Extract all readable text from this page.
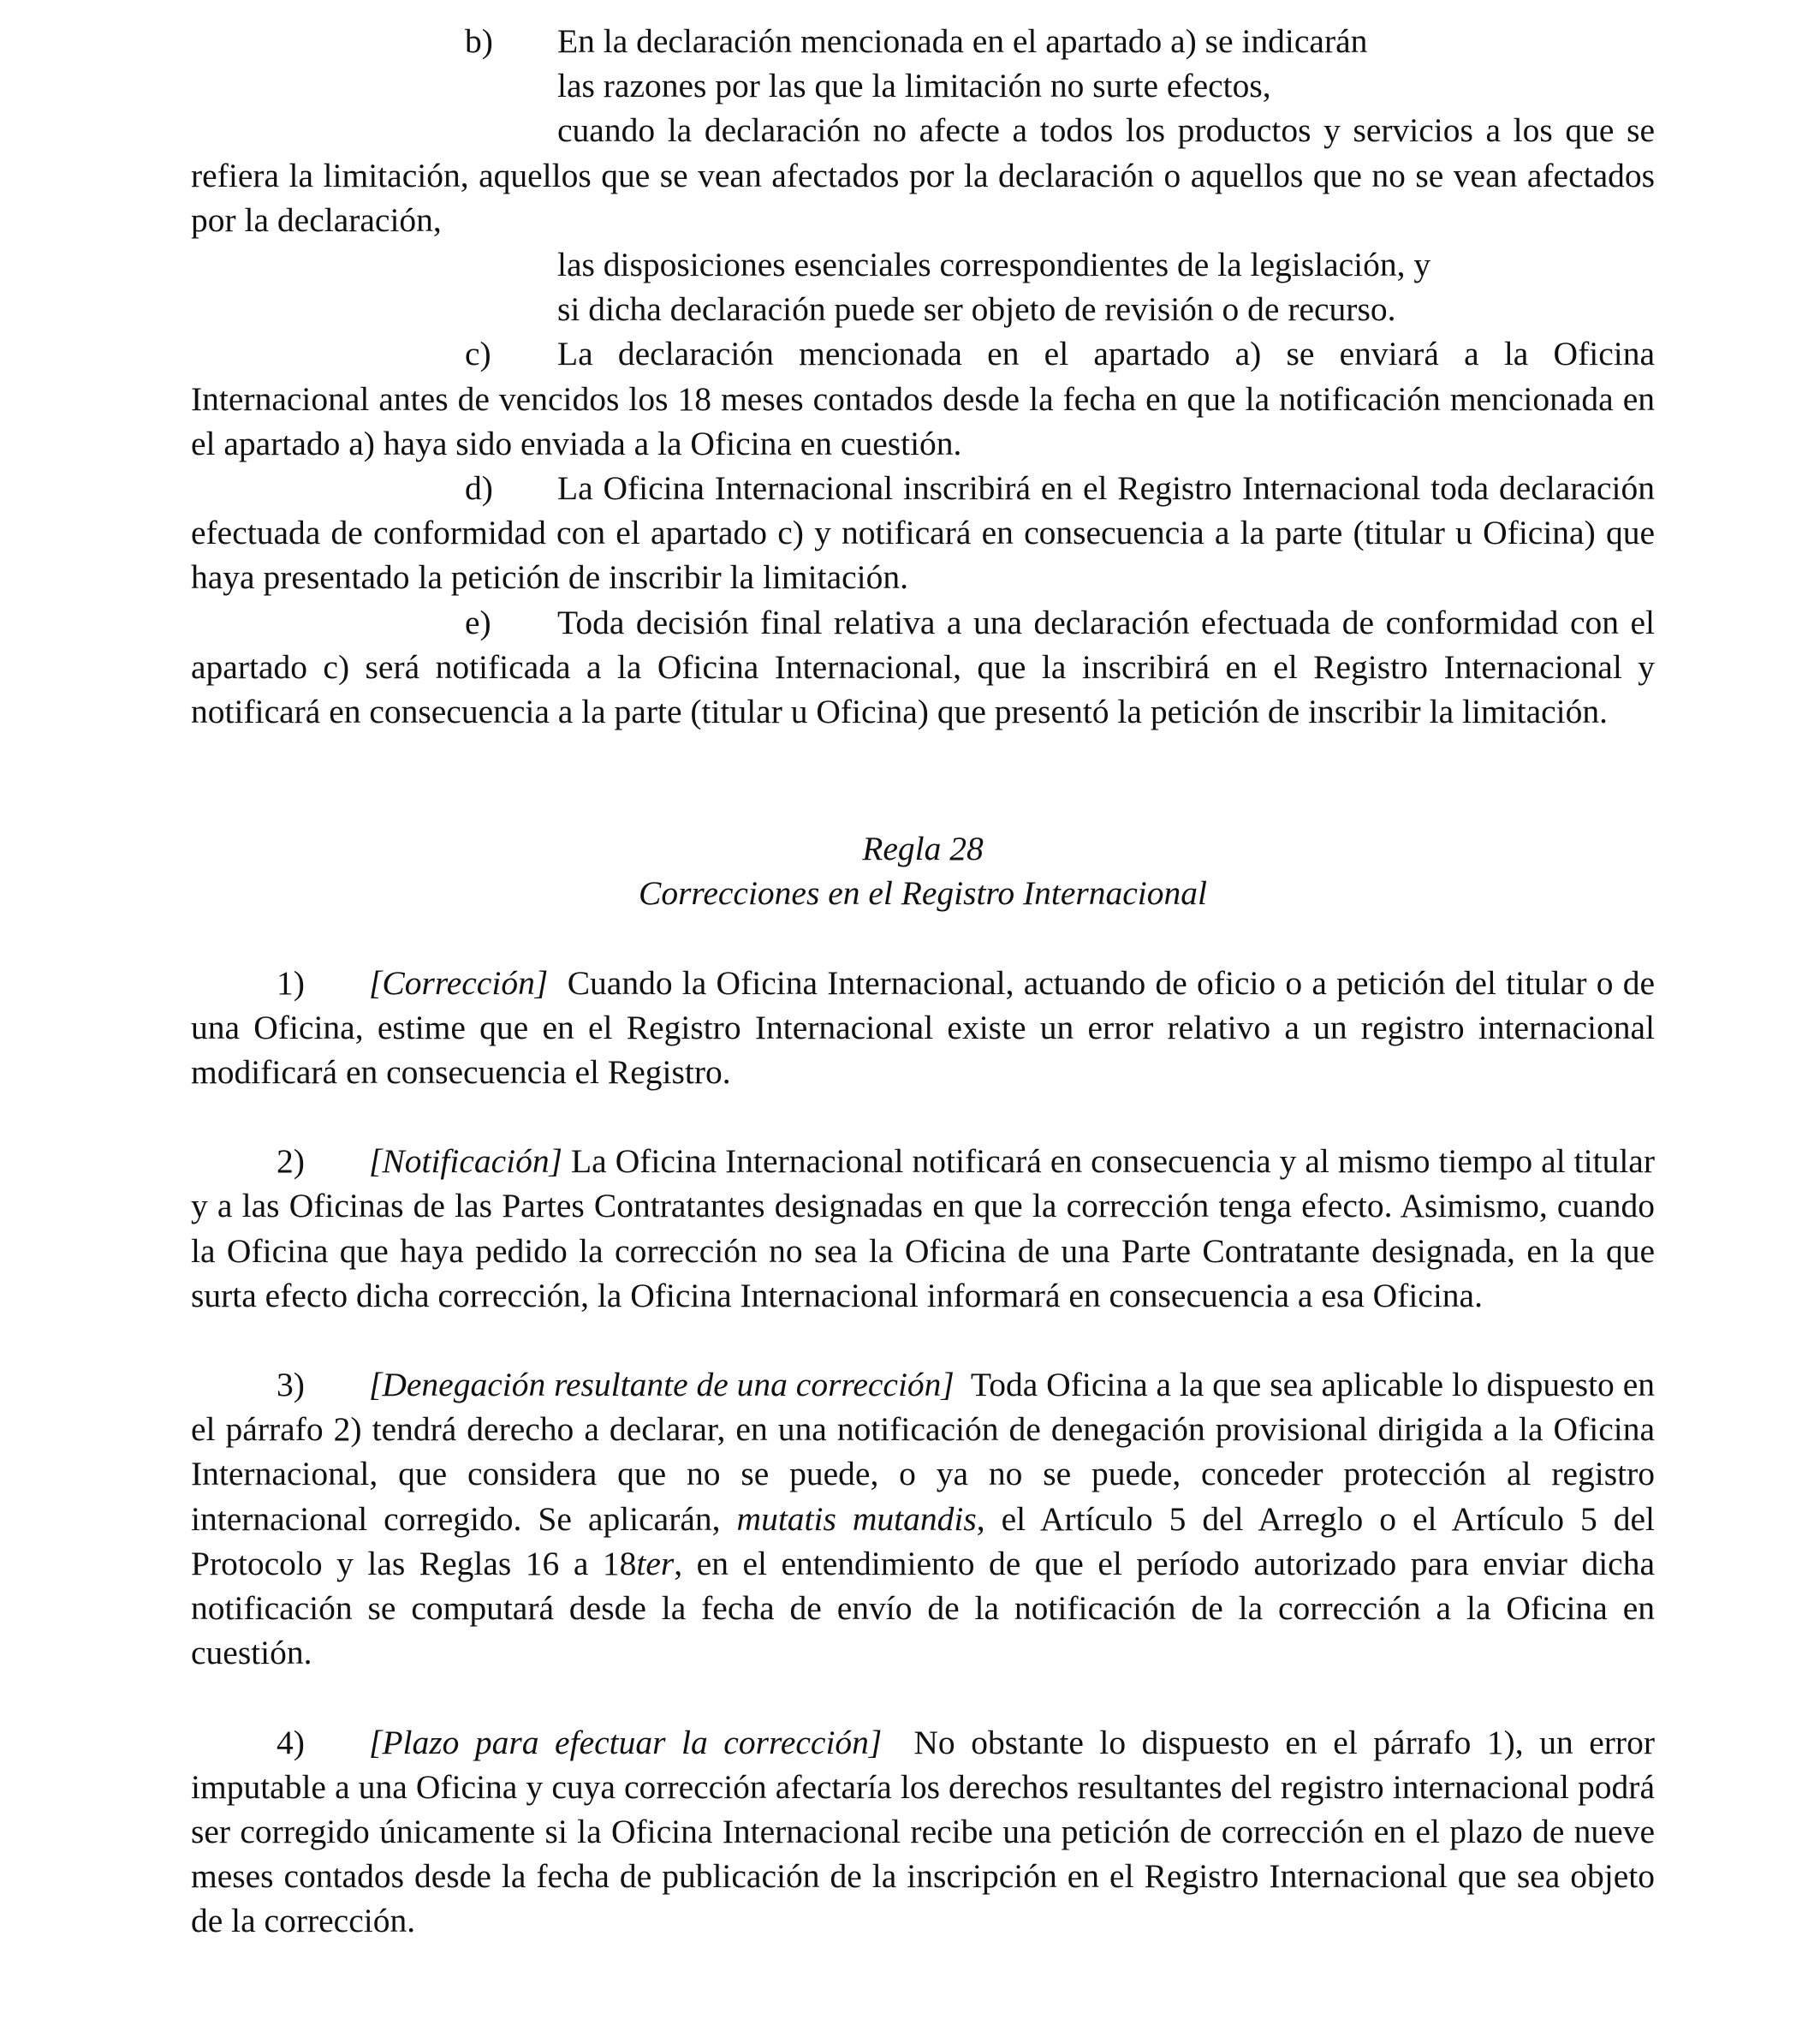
b) En la declaración mencionada en el apartado a) se indicarán

las razones por las que la limitación no surte efectos,

cuando la declaración no afecte a todos los productos y servicios a los que se refiera la limitación, aquellos que se vean afectados por la declaración o aquellos que no se vean afectados por la declaración,

las disposiciones esenciales correspondientes de la legislación, y

si dicha declaración puede ser objeto de revisión o de recurso.

c) La declaración mencionada en el apartado a) se enviará a la Oficina Internacional antes de vencidos los 18 meses contados desde la fecha en que la notificación mencionada en el apartado a) haya sido enviada a la Oficina en cuestión.

d) La Oficina Internacional inscribirá en el Registro Internacional toda declaración efectuada de conformidad con el apartado c) y notificará en consecuencia a la parte (titular u Oficina) que haya presentado la petición de inscribir la limitación.

e) Toda decisión final relativa a una declaración efectuada de conformidad con el apartado c) será notificada a la Oficina Internacional, que la inscribirá en el Registro Internacional y notificará en consecuencia a la parte (titular u Oficina) que presentó la petición de inscribir la limitación.

Regla 28

Correcciones en el Registro Internacional

1) [Corrección] Cuando la Oficina Internacional, actuando de oficio o a petición del titular o de una Oficina, estime que en el Registro Internacional existe un error relativo a un registro internacional modificará en consecuencia el Registro.

2) [Notificación] La Oficina Internacional notificará en consecuencia y al mismo tiempo al titular y a las Oficinas de las Partes Contratantes designadas en que la corrección tenga efecto. Asimismo, cuando la Oficina que haya pedido la corrección no sea la Oficina de una Parte Contratante designada, en la que surta efecto dicha corrección, la Oficina Internacional informará en consecuencia a esa Oficina.

3) [Denegación resultante de una corrección] Toda Oficina a la que sea aplicable lo dispuesto en el párrafo 2) tendrá derecho a declarar, en una notificación de denegación provisional dirigida a la Oficina Internacional, que considera que no se puede, o ya no se puede, conceder protección al registro internacional corregido. Se aplicarán, mutatis mutandis, el Artículo 5 del Arreglo o el Artículo 5 del Protocolo y las Reglas 16 a 18ter, en el entendimiento de que el período autorizado para enviar dicha notificación se computará desde la fecha de envío de la notificación de la corrección a la Oficina en cuestión.

4) [Plazo para efectuar la corrección] No obstante lo dispuesto en el párrafo 1), un error imputable a una Oficina y cuya corrección afectaría los derechos resultantes del registro internacional podrá ser corregido únicamente si la Oficina Internacional recibe una petición de corrección en el plazo de nueve meses contados desde la fecha de publicación de la inscripción en el Registro Internacional que sea objeto de la corrección.
